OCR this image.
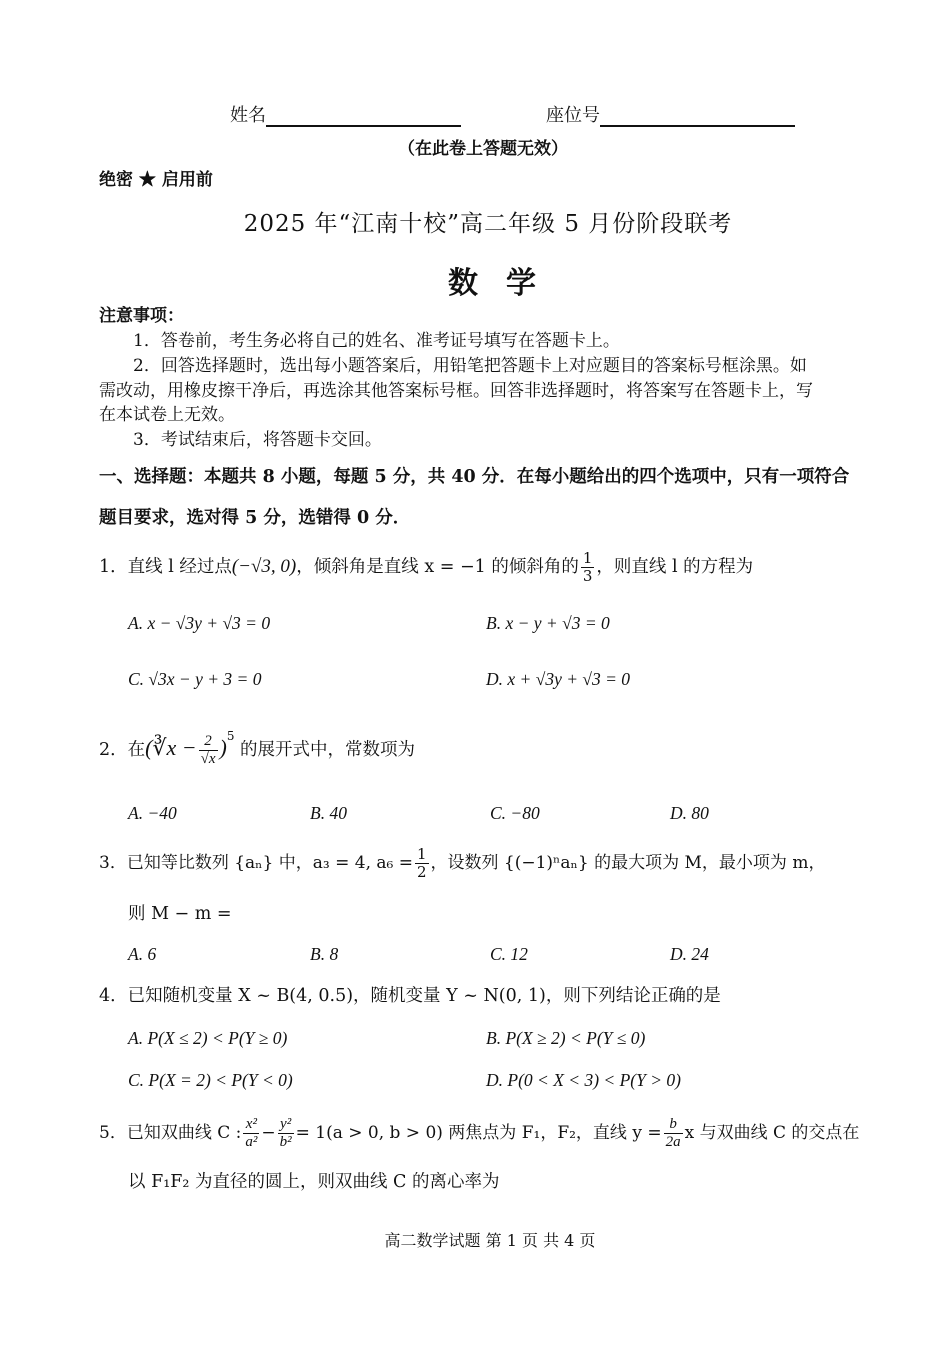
姓名	座位号
（在此卷上答题无效）
绝密 ★ 启用前
2025 年“江南十校”高二年级 5 月份阶段联考
数学
注意事项：
1．答卷前，考生务必将自己的姓名、准考证号填写在答题卡上。
2．回答选择题时，选出每小题答案后，用铅笔把答题卡上对应题目的答案标号框涂黑。如
需改动，用橡皮擦干净后，再选涂其他答案标号框。回答非选择题时，将答案写在答题卡上，写
在本试卷上无效。
3．考试结束后，将答题卡交回。
一、选择题：本题共 8 小题，每题 5 分，共 40 分．在每小题给出的四个选项中，只有一项符合
题目要求，选对得 5 分，选错得 0 分．
1．直线 l 经过点(−√3, 0)，倾斜角是直线 x = −1 的倾斜角的 $\frac{1}{3}$ ，则直线 l 的方程为
A. x − √3y + √3 = 0	B. x − y + √3 = 0
C. √3x − y + 3 = 0	D. x + √3y + √3 = 0
2．在(∛x − $\frac{2}{√x} )^5$ 的展开式中，常数项为
A. −40	B. 40	C. −80	D. 80
3．已知等比数列 {aₙ} 中，a₃ = 4, $a_6 = \frac{1}{2}$ ，设数列 {(−1)ⁿaₙ} 的最大项为 M，最小项为 m，
则 M − m =
A. 6	B. 8	C. 12	D. 24
4．已知随机变量 X ~ B(4, 0.5)，随机变量 Y ~ N(0, 1)，则下列结论正确的是
A. P(X ≤ 2) < P(Y ≥ 0)	B. P(X ≥ 2) < P(Y ≤ 0)
C. P(X = 2) < P(Y < 0)	D. P(0 < X < 3) < P(Y > 0)
5．已知双曲线 C : $\frac{\text{x²}}{\text{a²}} - \frac{\text{y²}}{\text{b²}} = 1(a > 0$, b > 0) 两焦点为 F₁，F₂，直线 $y = \frac{b}{2a}$ x 与双曲线 C 的交点在
以 F₁F₂ 为直径的圆上，则双曲线 C 的离心率为
高二数学试题 第 1 页 共 4 页
